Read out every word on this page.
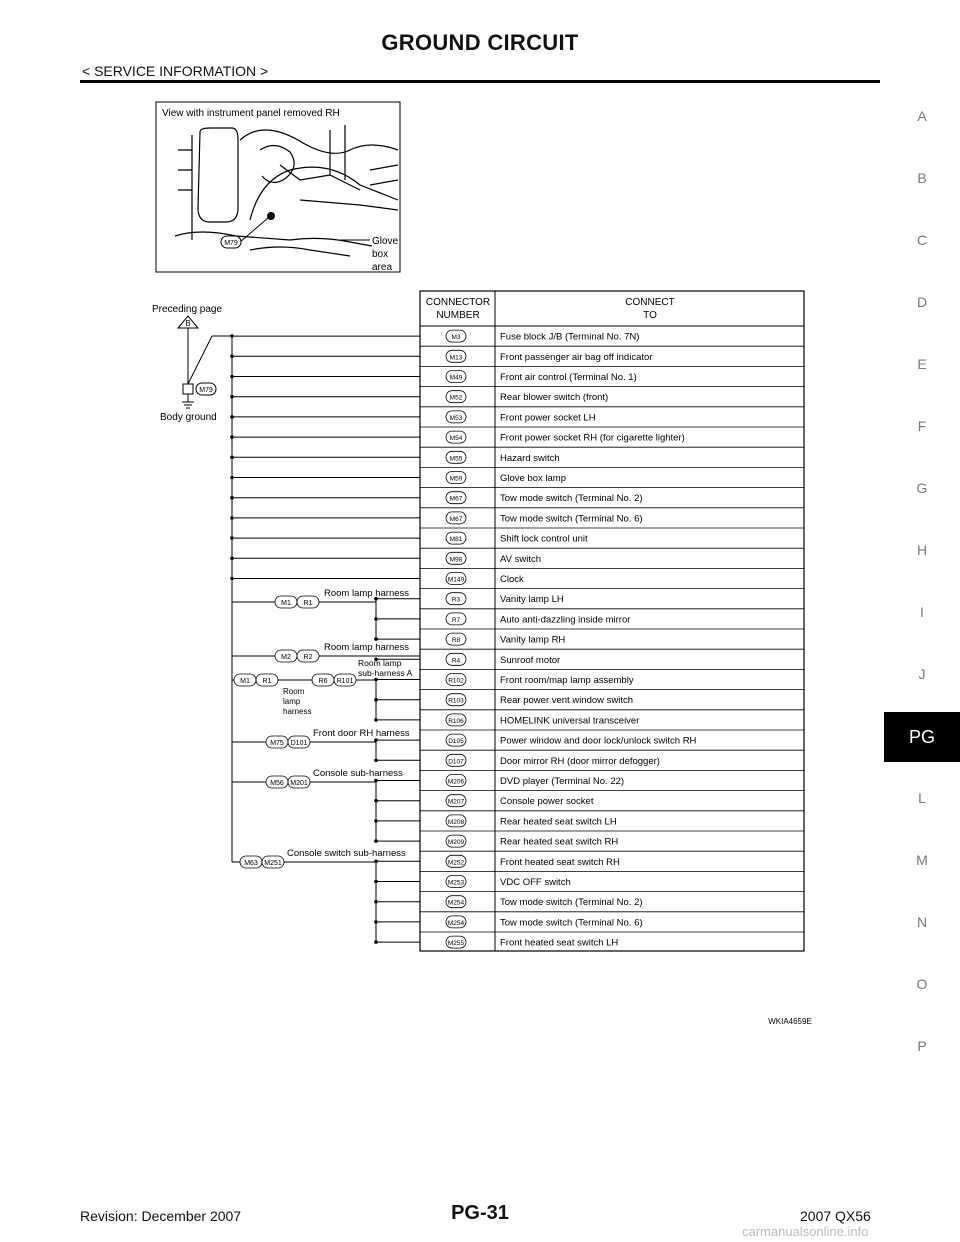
GROUND CIRCUIT
< SERVICE INFORMATION >
A
B
C
D
E
F
G
H
I
J
PG
L
M
N
O
P
View with instrument panel removed RH
M79	Glove
box
area
Preceding page
B
M79
Body ground
CONNECTOR
NUMBER
CONNECT
TO
M3	Fuse block J/B (Terminal No. 7N)
M13	Front passenger air bag off indicator
M49	Front air control (Terminal No. 1)
M52	Rear blower switch (front)
M53	Front power socket LH
M54	Front power socket RH (for cigarette lighter)
M55	Hazard switch
M59	Glove box lamp
M67	Tow mode switch (Terminal No. 2)
M67	Tow mode switch (Terminal No. 6)
M81	Shift lock control unit
M98	AV switch
M149	Clock
R3	Vanity lamp LH
R7	Auto anti-dazzling inside mirror
R8	Vanity lamp RH
R4	Sunroof motor
R102	Front room/map lamp assembly
R103	Rear power vent window switch
R106	HOMELINK universal transceiver
D105	Power window and door lock/unlock switch RH
D107	Door mirror RH (door mirror defogger)
M206	DVD player (Terminal No. 22)
M207	Console power socket
M208	Rear heated seat switch LH
M209	Rear heated seat switch RH
M252	Front heated seat switch RH
M253	VDC OFF switch
M254	Tow mode switch (Terminal No. 2)
M254	Tow mode switch (Terminal No. 6)
M255	Front heated seat switch LH
M1 R1
Room lamp harness
M2 R2
Room lamp harness
M1 R1	R6 R101
Room lamp
sub-harness A
Room
lamp
harness
M75 D101
Front door RH harness
M56 M201
Console sub-harness
M63 M251
Console switch sub-harness
WKIA4659E
Revision: December 2007	PG-31	2007 QX56
carmanualsonline.info
